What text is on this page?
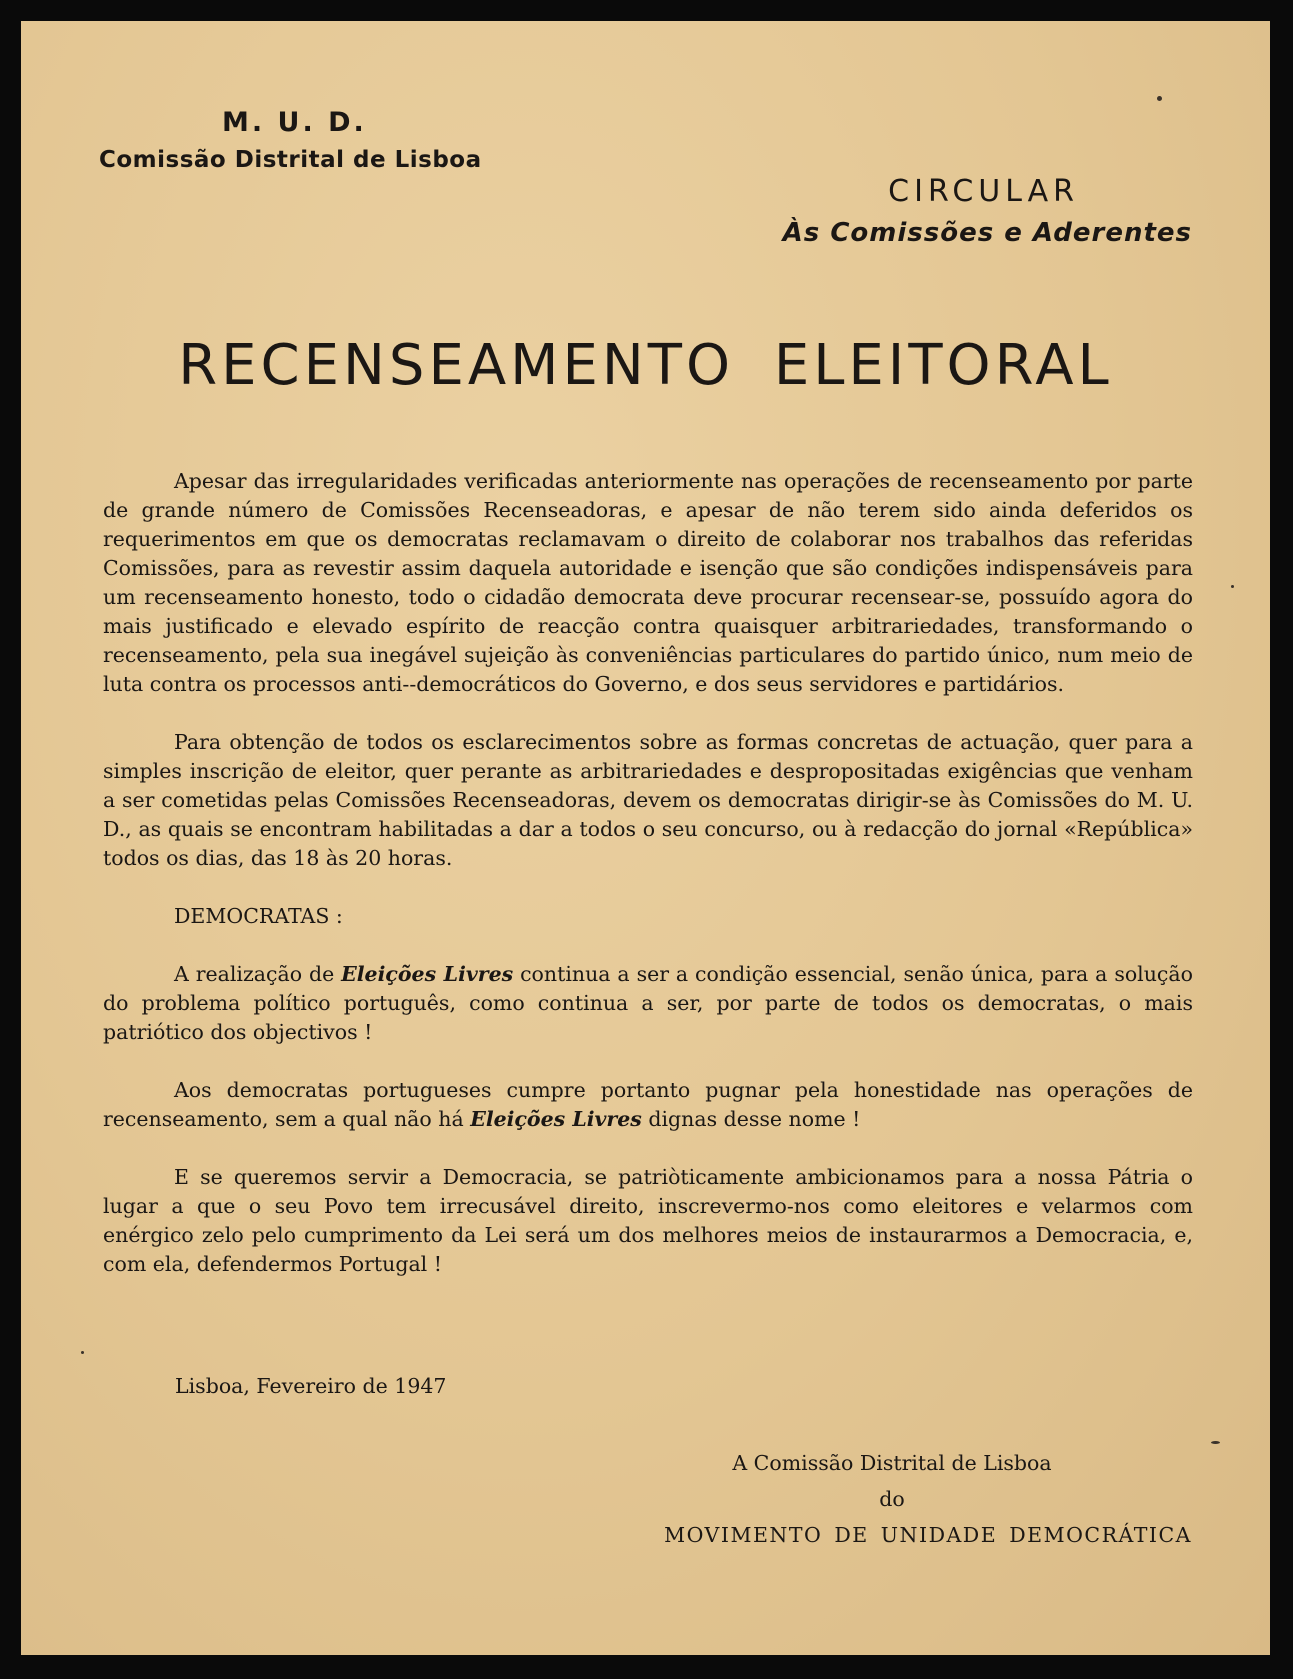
M. U. D.
Comissão Distrital de Lisboa
CIRCULAR
Às Comissões e Aderentes
RECENSEAMENTO ELEITORAL

Apesar das irregularidades verificadas anteriormente nas operações de recenseamento por parte de grande número de Comissões Recenseadoras, e apesar de não terem sido ainda deferidos os requerimentos em que os democratas reclamavam o direito de colaborar nos trabalhos das referidas Comissões, para as revestir assim daquela autoridade e isenção que são condições indispensáveis para um recenseamento honesto, todo o cidadão democrata deve procurar recensear-se, possuído agora do mais justificado e elevado espírito de reacção contra quaisquer arbitrariedades, transformando o recenseamento, pela sua inegável sujeição às conveniências particulares do partido único, num meio de luta contra os processos anti--democráticos do Governo, e dos seus servidores e partidários.

Para obtenção de todos os esclarecimentos sobre as formas concretas de actuação, quer para a simples inscrição de eleitor, quer perante as arbitrariedades e despropositadas exigências que venham a ser cometidas pelas Comissões Recenseadoras, devem os democratas dirigir-se às Comissões do M. U. D., as quais se encontram habilitadas a dar a todos o seu concurso, ou à redacção do jornal «República» todos os dias, das 18 às 20 horas.

DEMOCRATAS :

A realização de Eleições Livres continua a ser a condição essencial, senão única, para a solução do problema político português, como continua a ser, por parte de todos os democratas, o mais patriótico dos objectivos !

Aos democratas portugueses cumpre portanto pugnar pela honestidade nas operações de recenseamento, sem a qual não há Eleições Livres dignas desse nome !

E se queremos servir a Democracia, se patriòticamente ambicionamos para a nossa Pátria o lugar a que o seu Povo tem irrecusável direito, inscrevermo-nos como eleitores e velarmos com enérgico zelo pelo cumprimento da Lei será um dos melhores meios de instaurarmos a Democracia, e, com ela, defendermos Portugal !

Lisboa, Fevereiro de 1947
A Comissão Distrital de Lisboa
do
MOVIMENTO DE UNIDADE DEMOCRÁTICA
